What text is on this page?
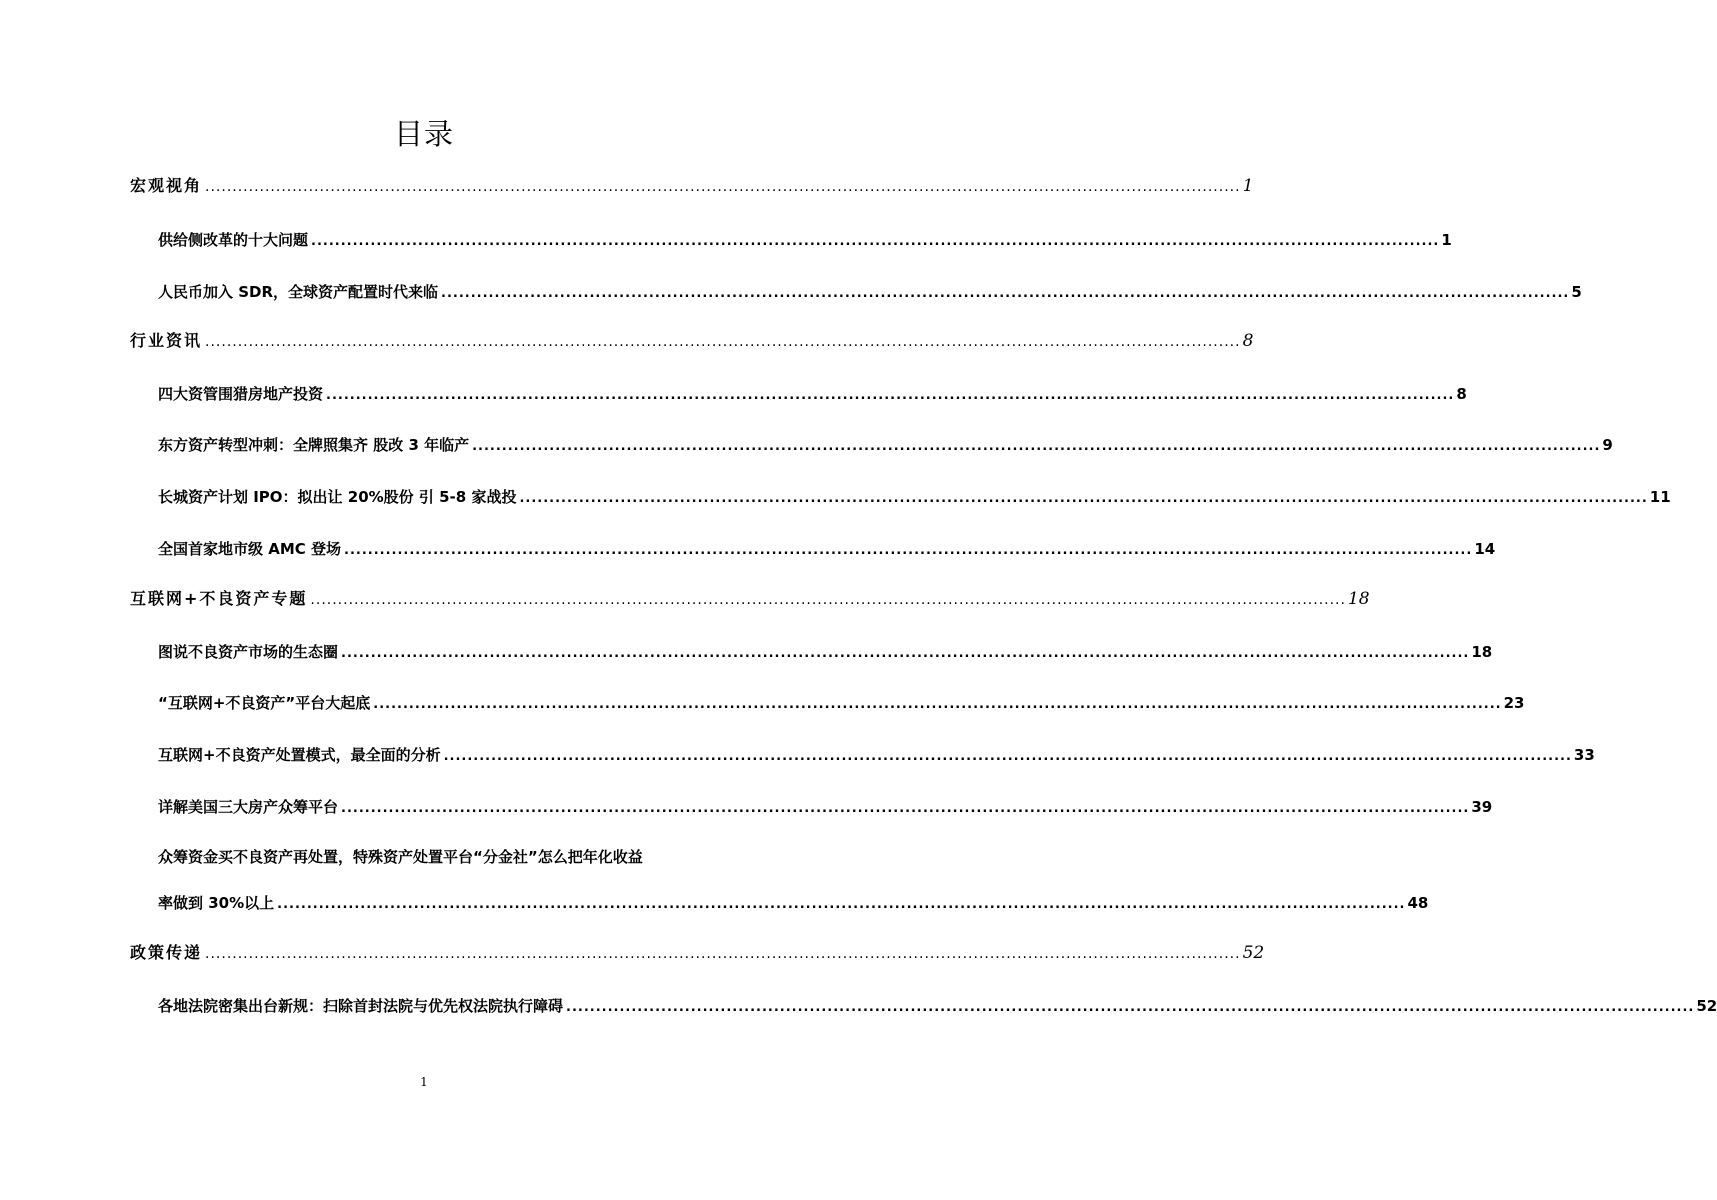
目录
宏观视角 .............................................................................................................................................................................................. 1
供给侧改革的十大问题 .............................................................................................................................................................................................. 1
人民币加入 SDR，全球资产配置时代来临 .............................................................................................................................................................................................. 5
行业资讯 .............................................................................................................................................................................................. 8
四大资管围猎房地产投资 .............................................................................................................................................................................................. 8
东方资产转型冲刺：全牌照集齐 股改 3 年临产 .............................................................................................................................................................................................. 9
长城资产计划 IPO：拟出让 20%股份 引 5-8 家战投 .............................................................................................................................................................................................. 11
全国首家地市级 AMC 登场 .............................................................................................................................................................................................. 14
互联网+不良资产专题 .............................................................................................................................................................................................. 18
图说不良资产市场的生态圈 .............................................................................................................................................................................................. 18
“互联网+不良资产”平台大起底 .............................................................................................................................................................................................. 23
互联网+不良资产处置模式，最全面的分析 .............................................................................................................................................................................................. 33
详解美国三大房产众筹平台 .............................................................................................................................................................................................. 39
众筹资金买不良资产再处置，特殊资产处置平台“分金社”怎么把年化收益
率做到 30%以上 .............................................................................................................................................................................................. 48
政策传递 .............................................................................................................................................................................................. 52
各地法院密集出台新规：扫除首封法院与优先权法院执行障碍 .............................................................................................................................................................................................. 52
1
